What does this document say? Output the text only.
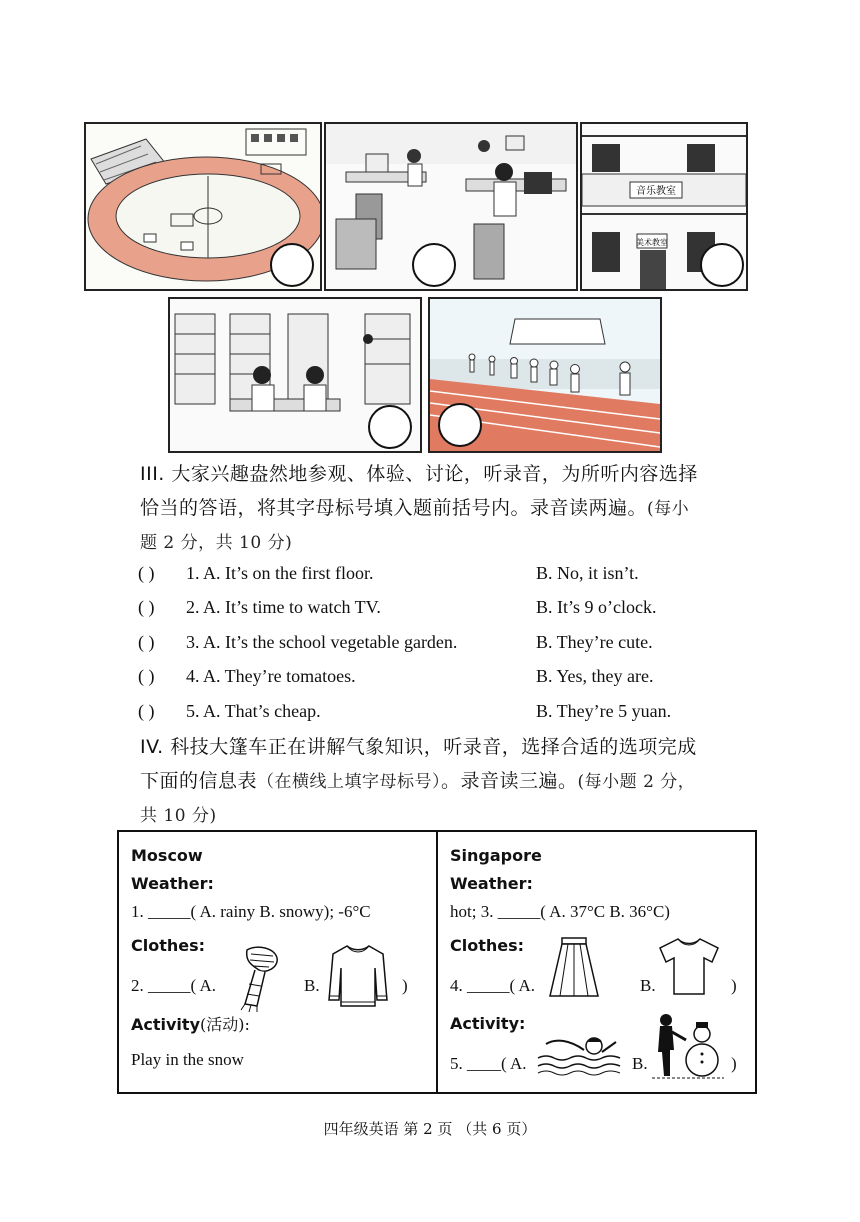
音乐教室
美术教室
III. 大家兴趣盎然地参观、体验、讨论，听录音，为所听内容选择
恰当的答语，将其字母标号填入题前括号内。录音读两遍。(每小
题 2 分，共 10 分)
( ) 1. A. It’s on the first floor.	B. No, it isn’t.
( ) 2. A. It’s time to watch TV.	B. It’s 9 o’clock.
( ) 3. A. It’s the school vegetable garden.	B. They’re cute.
( ) 4. A. They’re tomatoes.	B. Yes, they are.
( ) 5. A. That’s cheap.	B. They’re 5 yuan.
IV. 科技大篷车正在讲解气象知识，听录音，选择合适的选项完成
下面的信息表（在横线上填字母标号）。录音读三遍。(每小题 2 分，
共 10 分)
Moscow
Weather:
1. _____( A. rainy B. snowy); -6°C
Clothes:
2. _____( A.	B.	)
Activity(活动):
Play in the snow
Singapore
Weather:
hot; 3. _____( A. 37°C B. 36°C)
Clothes:
4. _____( A.	B.	)
Activity:
5. ____( A.	B.	)
四年级英语 第 2 页 （共 6 页）
